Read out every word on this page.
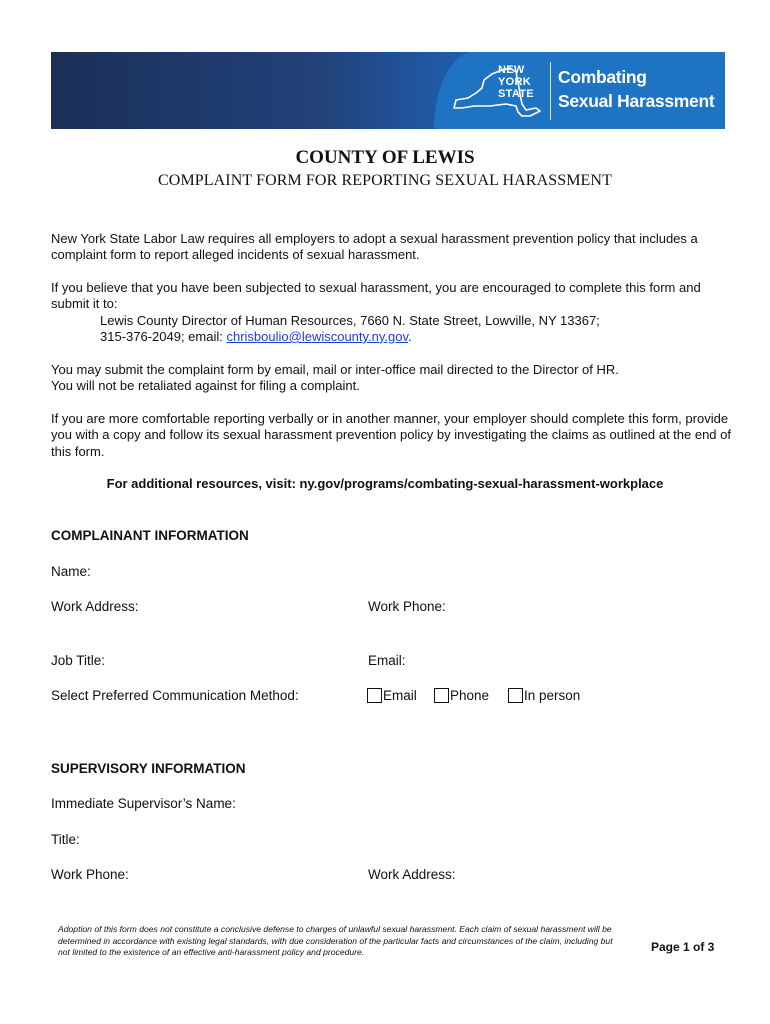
NEW
YORK
STATE
Combating
Sexual Harassment
COUNTY OF LEWIS
COMPLAINT FORM FOR REPORTING SEXUAL HARASSMENT
New York State Labor Law requires all employers to adopt a sexual harassment prevention policy that includes a complaint form to report alleged incidents of sexual harassment.
If you believe that you have been subjected to sexual harassment, you are encouraged to complete this form and submit it to:
Lewis County Director of Human Resources, 7660 N. State Street, Lowville, NY 13367;
315-376-2049; email: chrisboulio@lewiscounty.ny.gov.
You may submit the complaint form by email, mail or inter-office mail directed to the Director of HR.
You will not be retaliated against for filing a complaint.
If you are more comfortable reporting verbally or in another manner, your employer should complete this form, provide you with a copy and follow its sexual harassment prevention policy by investigating the claims as outlined at the end of this form.
For additional resources, visit: ny.gov/programs/combating-sexual-harassment-workplace
COMPLAINANT INFORMATION
Name:
Work Address:	Work Phone:
Job Title:	Email:
Select Preferred Communication Method:	Email	Phone	In person
SUPERVISORY INFORMATION
Immediate Supervisor’s Name:
Title:
Work Phone:	Work Address:
Adoption of this form does not constitute a conclusive defense to charges of unlawful sexual harassment. Each claim of sexual harassment will be determined in accordance with existing legal standards, with due consideration of the particular facts and circumstances of the claim, including but not limited to the existence of an effective anti-harassment policy and procedure.	Page 1 of 3
